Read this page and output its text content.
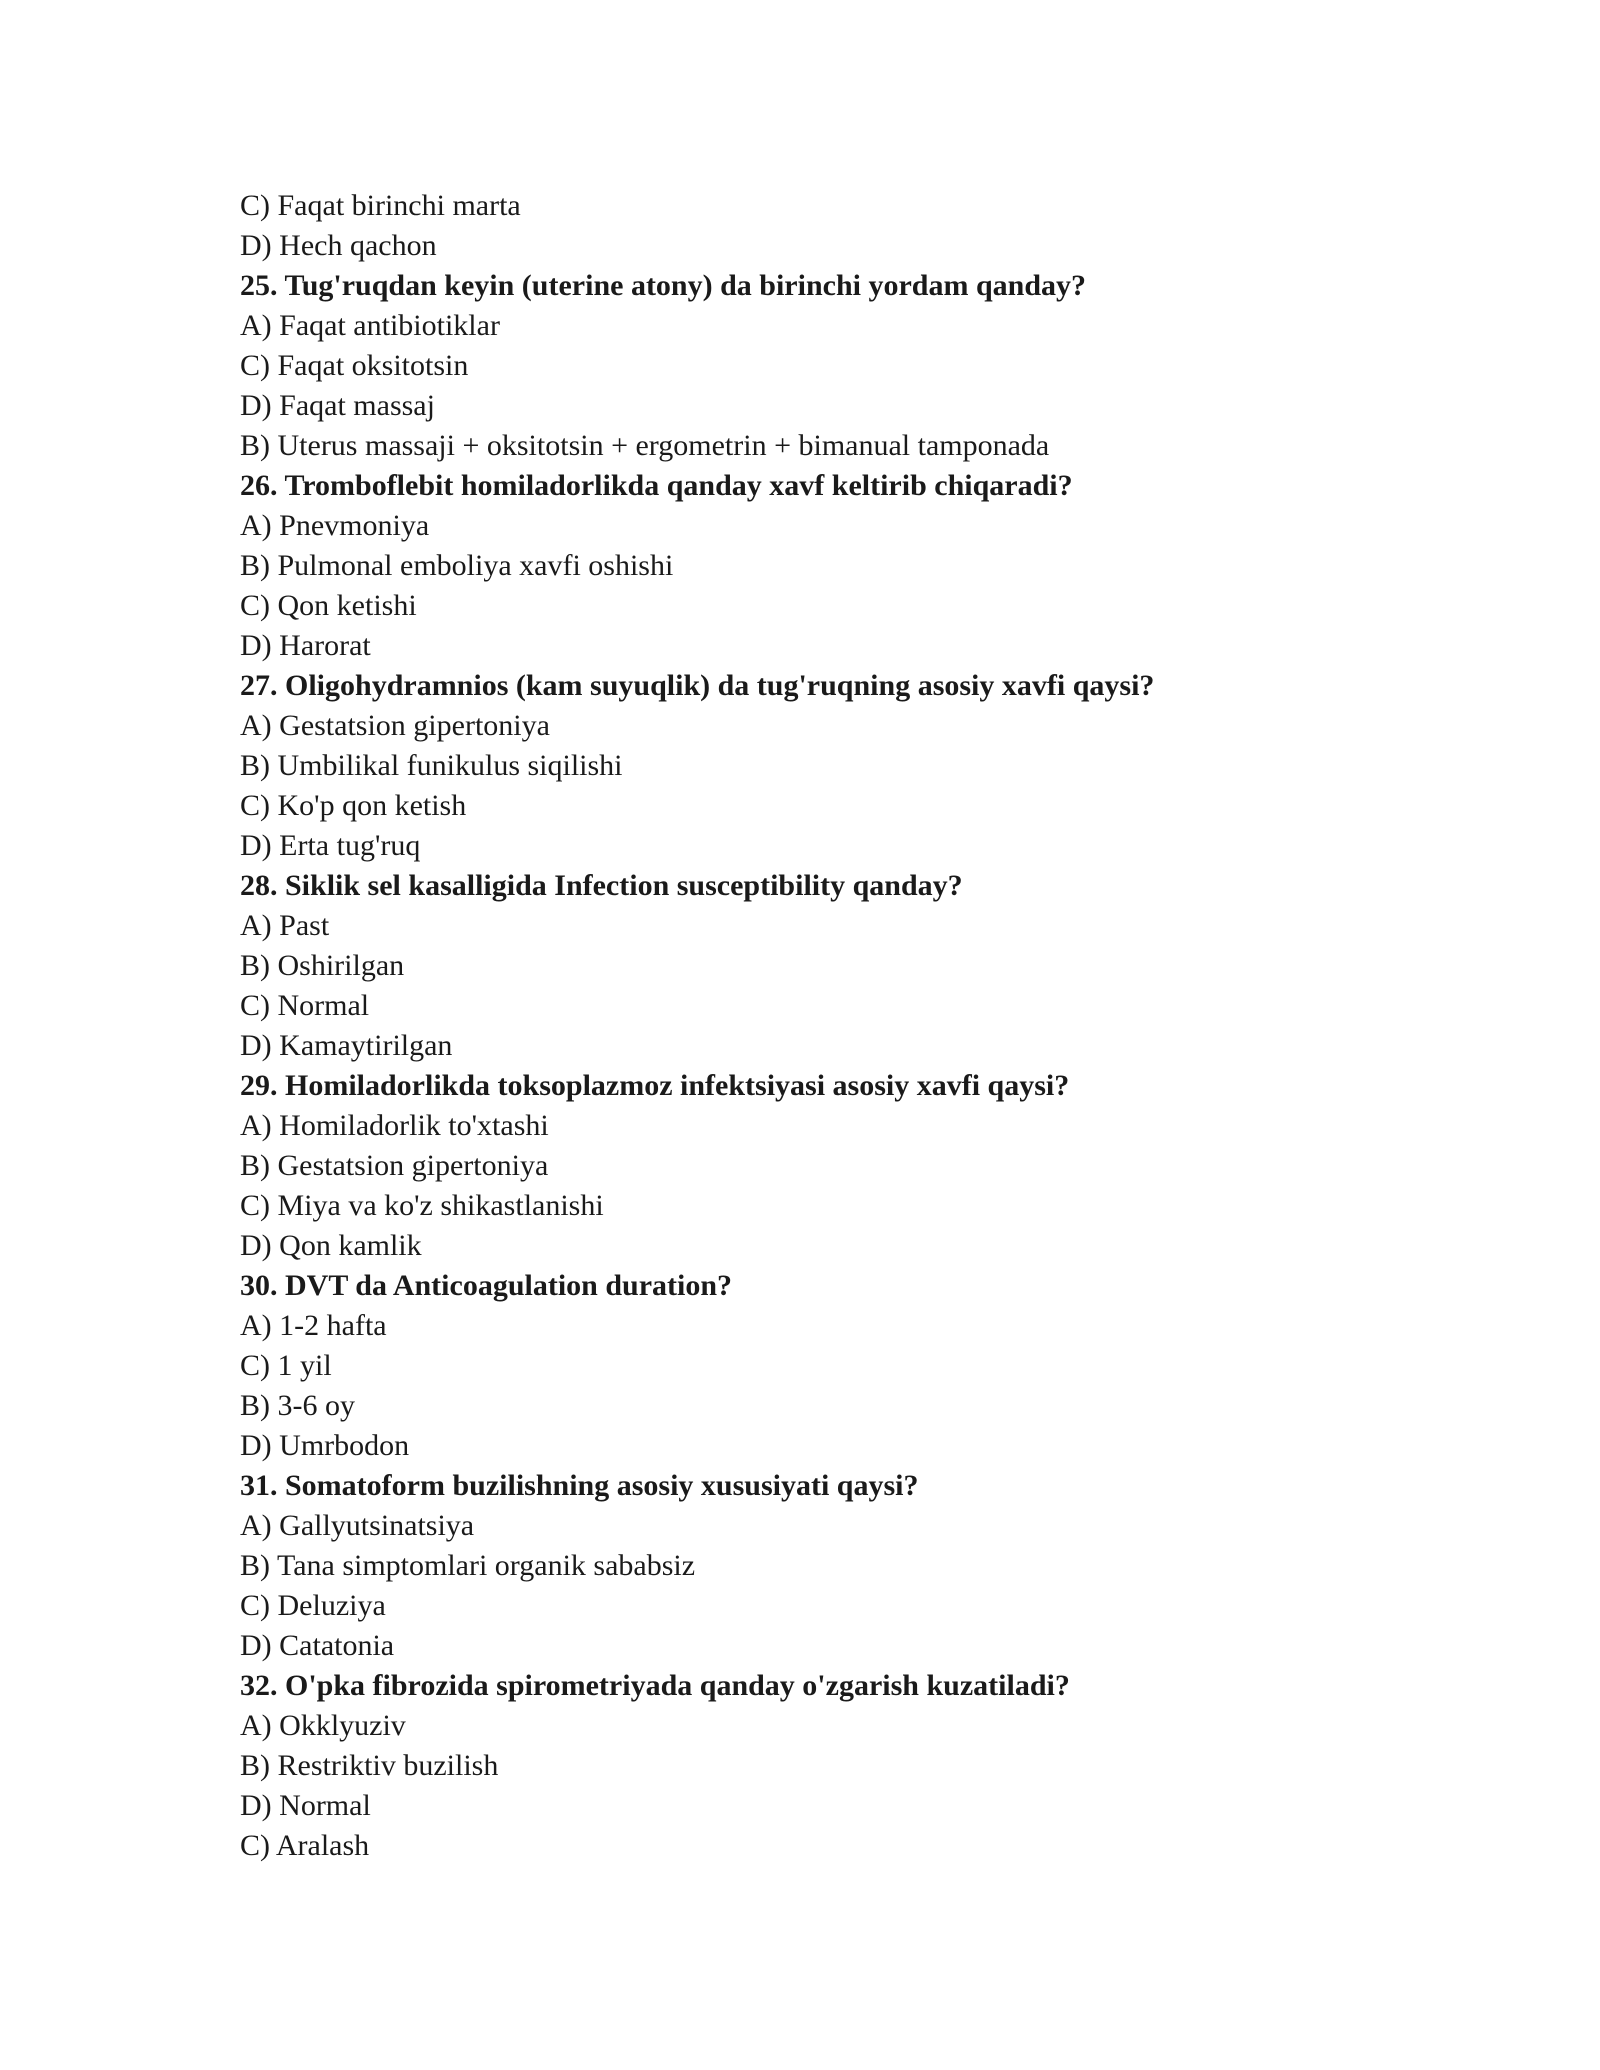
C) Faqat birinchi marta
D) Hech qachon
25. Tug'ruqdan keyin (uterine atony) da birinchi yordam qanday?
A) Faqat antibiotiklar
C) Faqat oksitotsin
D) Faqat massaj
B) Uterus massaji + oksitotsin + ergometrin + bimanual tamponada
26. Tromboflebit homiladorlikda qanday xavf keltirib chiqaradi?
A) Pnevmoniya
B) Pulmonal emboliya xavfi oshishi
C) Qon ketishi
D) Harorat
27. Oligohydramnios (kam suyuqlik) da tug'ruqning asosiy xavfi qaysi?
A) Gestatsion gipertoniya
B) Umbilikal funikulus siqilishi
C) Ko'p qon ketish
D) Erta tug'ruq
28. Siklik sel kasalligida Infection susceptibility qanday?
A) Past
B) Oshirilgan
C) Normal
D) Kamaytirilgan
29. Homiladorlikda toksoplazmoz infektsiyasi asosiy xavfi qaysi?
A) Homiladorlik to'xtashi
B) Gestatsion gipertoniya
C) Miya va ko'z shikastlanishi
D) Qon kamlik
30. DVT da Anticoagulation duration?
A) 1-2 hafta
C) 1 yil
B) 3-6 oy
D) Umrbodon
31. Somatoform buzilishning asosiy xususiyati qaysi?
A) Gallyutsinatsiya
B) Tana simptomlari organik sababsiz
C) Deluziya
D) Catatonia
32. O'pka fibrozida spirometriyada qanday o'zgarish kuzatiladi?
A) Okklyuziv
B) Restriktiv buzilish
D) Normal
C) Aralash
